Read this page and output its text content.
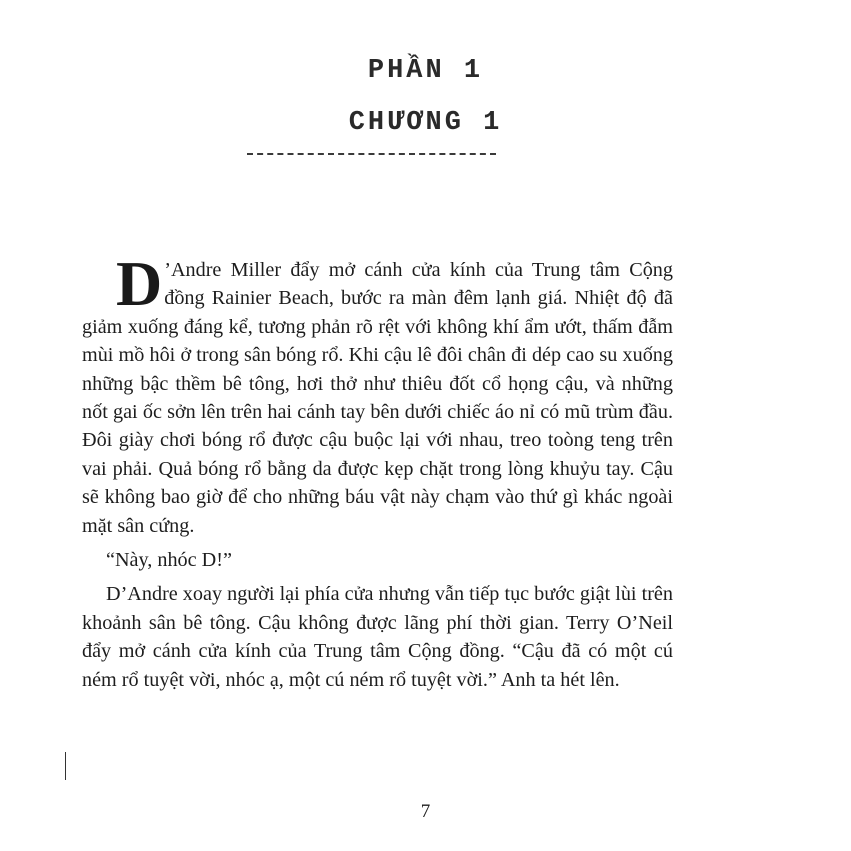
PHẦN 1
CHƯƠNG 1

D ’Andre Miller đẩy mở cánh cửa kính của Trung tâm Cộng đồng Rainier Beach, bước ra màn đêm lạnh giá. Nhiệt độ đã giảm xuống đáng kể, tương phản rõ rệt với không khí ẩm ướt, thấm đẫm mùi mồ hôi ở trong sân bóng rổ. Khi cậu lê đôi chân đi dép cao su xuống những bậc thềm bê tông, hơi thở như thiêu đốt cổ họng cậu, và những nốt gai ốc sởn lên trên hai cánh tay bên dưới chiếc áo nỉ có mũ trùm đầu. Đôi giày chơi bóng rổ được cậu buộc lại với nhau, treo toòng teng trên vai phải. Quả bóng rổ bằng da được kẹp chặt trong lòng khuỷu tay. Cậu sẽ không bao giờ để cho những báu vật này chạm vào thứ gì khác ngoài mặt sân cứng.

“Này, nhóc D!”

D’Andre xoay người lại phía cửa nhưng vẫn tiếp tục bước giật lùi trên khoảnh sân bê tông. Cậu không được lãng phí thời gian. Terry O’Neil đẩy mở cánh cửa kính của Trung tâm Cộng đồng. “Cậu đã có một cú ném rổ tuyệt vời, nhóc ạ, một cú ném rổ tuyệt vời.” Anh ta hét lên.

7
